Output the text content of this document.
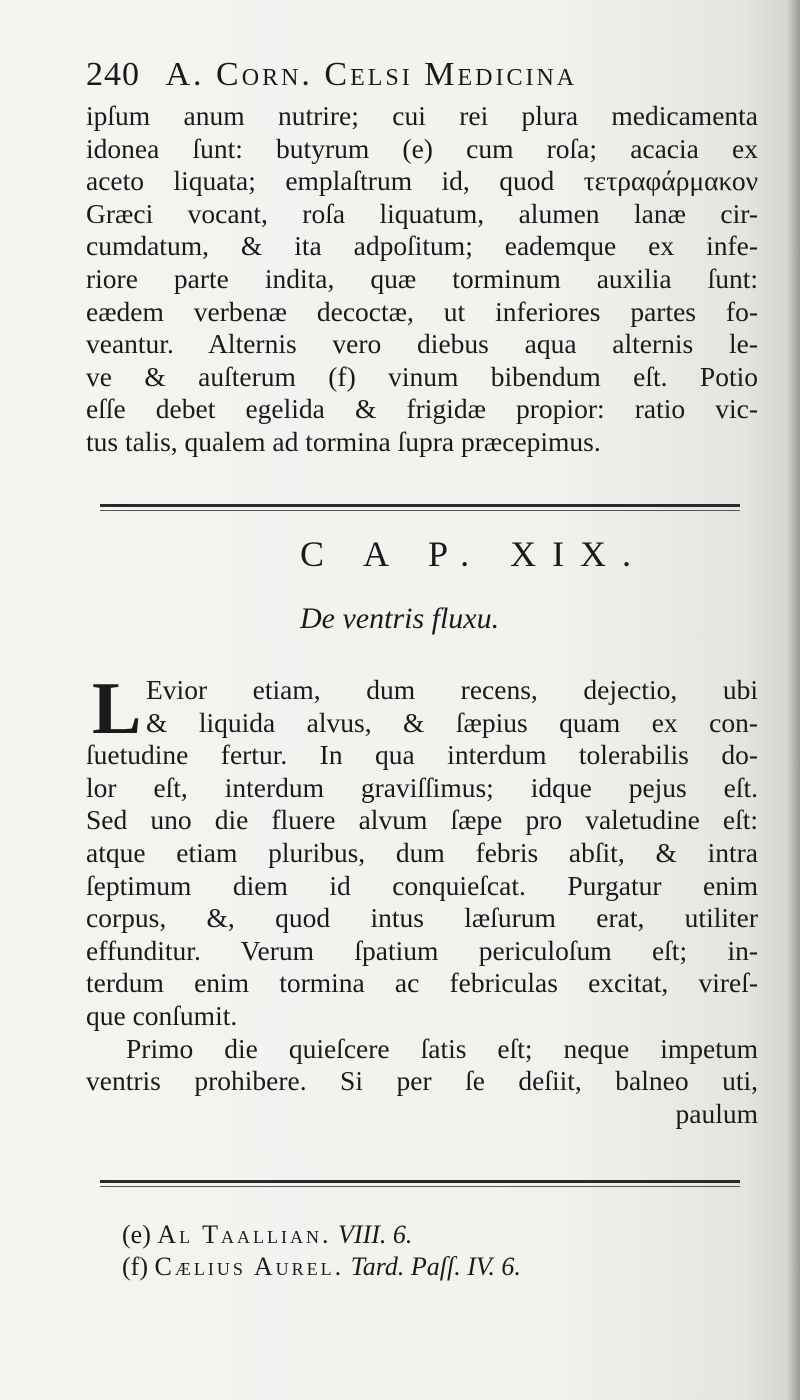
240 A. Corn. Celsi Medicina
ipſum anum nutrire; cui rei plura medicamenta
idonea ſunt: butyrum (e) cum roſa; acacia ex
aceto liquata; emplaſtrum id, quod τετραφάρμακον
Græci vocant, roſa liquatum, alumen lanæ cir-
cumdatum, & ita adpoſitum; eademque ex infe-
riore parte indita, quæ torminum auxilia ſunt:
eædem verbenæ decoctæ, ut inferiores partes fo-
veantur. Alternis vero diebus aqua alternis le-
ve & auſterum (f) vinum bibendum eſt. Potio
eſſe debet egelida & frigidæ propior: ratio vic-
tus talis, qualem ad tormina ſupra præcepimus.
C A P. XIX.
De ventris fluxu.
L Evior etiam, dum recens, dejectio, ubi
& liquida alvus, & ſæpius quam ex con-
ſuetudine fertur. In qua interdum tolerabilis do-
lor eſt, interdum graviſſimus; idque pejus eſt.
Sed uno die fluere alvum ſæpe pro valetudine eſt:
atque etiam pluribus, dum febris abſit, & intra
ſeptimum diem id conquieſcat. Purgatur enim
corpus, &, quod intus læſurum erat, utiliter
effunditur. Verum ſpatium periculoſum eſt; in-
terdum enim tormina ac febriculas excitat, vireſ-
que conſumit.
Primo die quieſcere ſatis eſt; neque impetum
ventris prohibere. Si per ſe deſiit, balneo uti,
paulum
(e) Al Taallian. VIII. 6.
(f) Cælius Aurel. Tard. Paſſ. IV. 6.
